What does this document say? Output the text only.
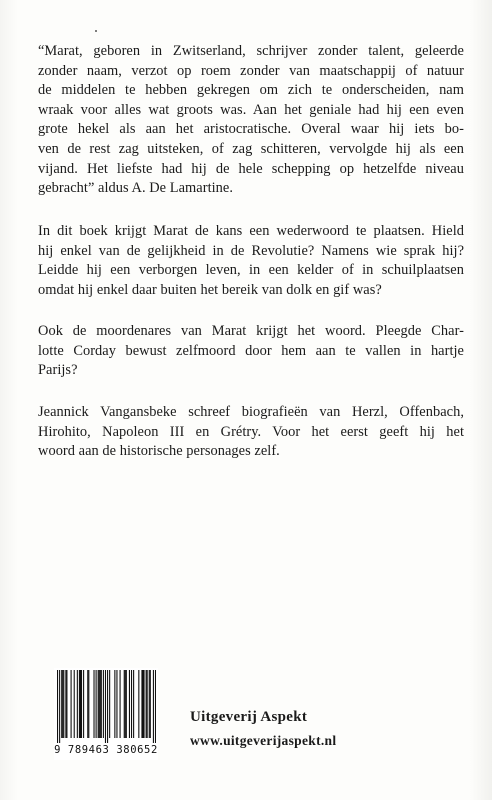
“Marat, geboren in Zwitserland, schrijver zonder talent, geleerde
zonder naam, verzot op roem zonder van maatschappij of natuur
de middelen te hebben gekregen om zich te onderscheiden, nam
wraak voor alles wat groots was. Aan het geniale had hij een even
grote hekel als aan het aristocratische. Overal waar hij iets bo-
ven de rest zag uitsteken, of zag schitteren, vervolgde hij als een
vijand. Het liefste had hij de hele schepping op hetzelfde niveau
gebracht” aldus A. De Lamartine.
In dit boek krijgt Marat de kans een wederwoord te plaatsen. Hield
hij enkel van de gelijkheid in de Revolutie? Namens wie sprak hij?
Leidde hij een verborgen leven, in een kelder of in schuilplaatsen
omdat hij enkel daar buiten het bereik van dolk en gif was?
Ook de moordenares van Marat krijgt het woord. Pleegde Char-
lotte Corday bewust zelfmoord door hem aan te vallen in hartje
Parijs?
Jeannick Vangansbeke schreef biografieën van Herzl, Offenbach,
Hirohito, Napoleon III en Grétry. Voor het eerst geeft hij het
woord aan de historische personages zelf.
9 789463 380652
Uitgeverij Aspekt
www.uitgeverijaspekt.nl
